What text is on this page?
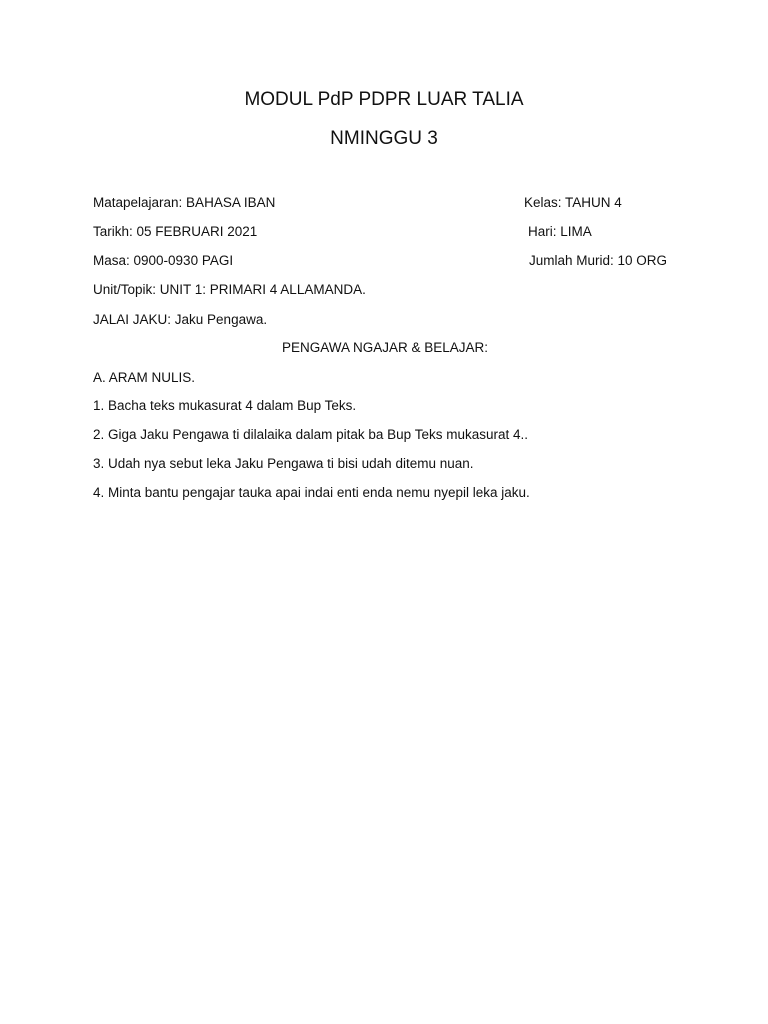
MODUL PdP PDPR LUAR TALIA
NMINGGU 3
Matapelajaran: BAHASA IBAN	Kelas: TAHUN 4
Tarikh: 05 FEBRUARI 2021	Hari: LIMA
Masa: 0900-0930 PAGI	Jumlah Murid: 10 ORG
Unit/Topik: UNIT 1: PRIMARI 4 ALLAMANDA.
JALAI JAKU: Jaku Pengawa.
PENGAWA NGAJAR & BELAJAR:
A. ARAM NULIS.
1. Bacha teks mukasurat 4 dalam Bup Teks.
2. Giga Jaku Pengawa ti dilalaika dalam pitak ba Bup Teks mukasurat 4..
3. Udah nya sebut leka Jaku Pengawa ti bisi udah ditemu nuan.
4. Minta bantu pengajar tauka apai indai enti enda nemu nyepil leka jaku.
